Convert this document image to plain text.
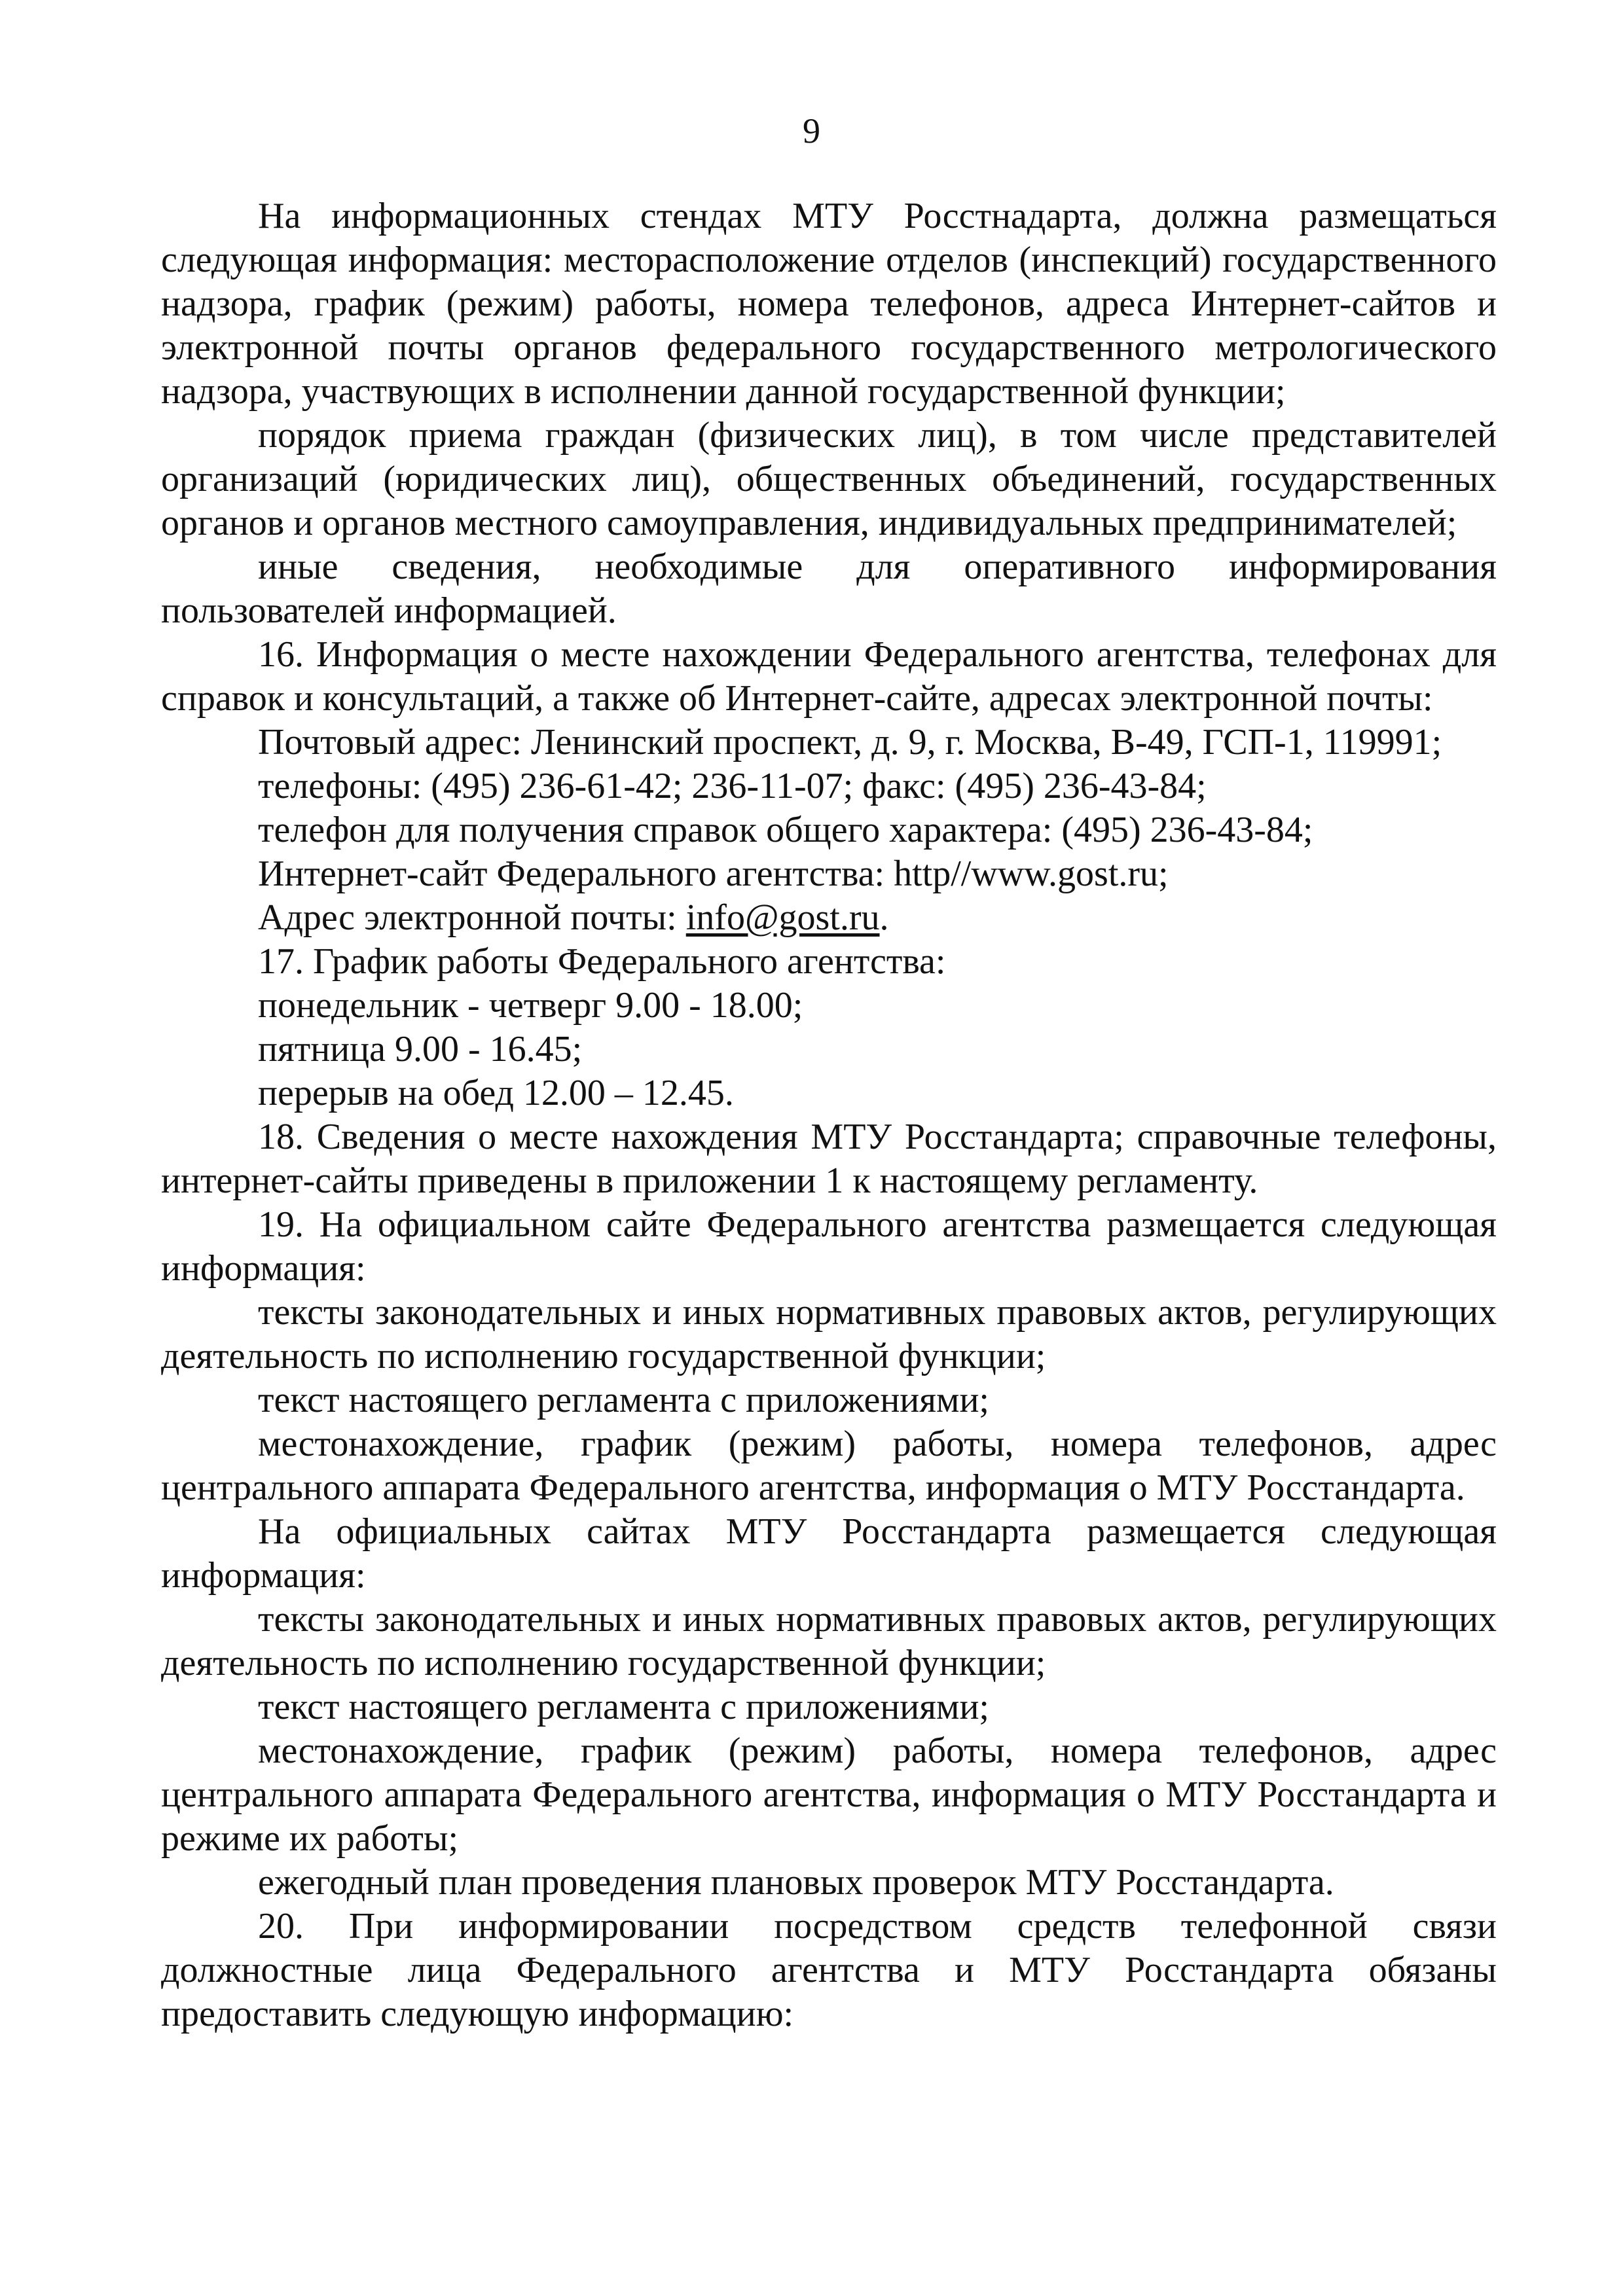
9

На информационных стендах МТУ Росстнадарта, должна размещаться следующая информация: месторасположение отделов (инспекций) государственного надзора, график (режим) работы, номера телефонов, адреса Интернет-сайтов и электронной почты органов федерального государственного метрологического надзора, участвующих в исполнении данной государственной функции;

порядок приема граждан (физических лиц), в том числе представителей организаций (юридических лиц), общественных объединений, государственных органов и органов местного самоуправления, индивидуальных предпринимателей;

иные сведения, необходимые для оперативного информирования пользователей информацией.

16. Информация о месте нахождении Федерального агентства, телефонах для справок и консультаций, а также об Интернет-сайте, адресах электронной почты:

Почтовый адрес: Ленинский проспект, д. 9, г. Москва, В-49, ГСП-1, 119991;

телефоны: (495) 236-61-42; 236-11-07; факс: (495) 236-43-84;

телефон для получения справок общего характера: (495) 236-43-84;

Интернет-сайт Федерального агентства: http//www.gost.ru;

Адрес электронной почты: info@gost.ru.

17. График работы Федерального агентства:

понедельник - четверг 9.00 - 18.00;

пятница 9.00 - 16.45;

перерыв на обед 12.00 – 12.45.

18. Сведения о месте нахождения МТУ Росстандарта; справочные телефоны, интернет-сайты приведены в приложении 1 к настоящему регламенту.

19. На официальном сайте Федерального агентства размещается следующая информация:

тексты законодательных и иных нормативных правовых актов, регулирующих деятельность по исполнению государственной функции;

текст настоящего регламента с приложениями;

местонахождение, график (режим) работы, номера телефонов, адрес центрального аппарата Федерального агентства, информация о МТУ Росстандарта.

На официальных сайтах МТУ Росстандарта размещается следующая информация:

тексты законодательных и иных нормативных правовых актов, регулирующих деятельность по исполнению государственной функции;

текст настоящего регламента с приложениями;

местонахождение, график (режим) работы, номера телефонов, адрес центрального аппарата Федерального агентства, информация о МТУ Росстандарта и режиме их работы;

ежегодный план проведения плановых проверок МТУ Росстандарта.

20. При информировании посредством средств телефонной связи должностные лица Федерального агентства и МТУ Росстандарта обязаны предоставить следующую информацию:
